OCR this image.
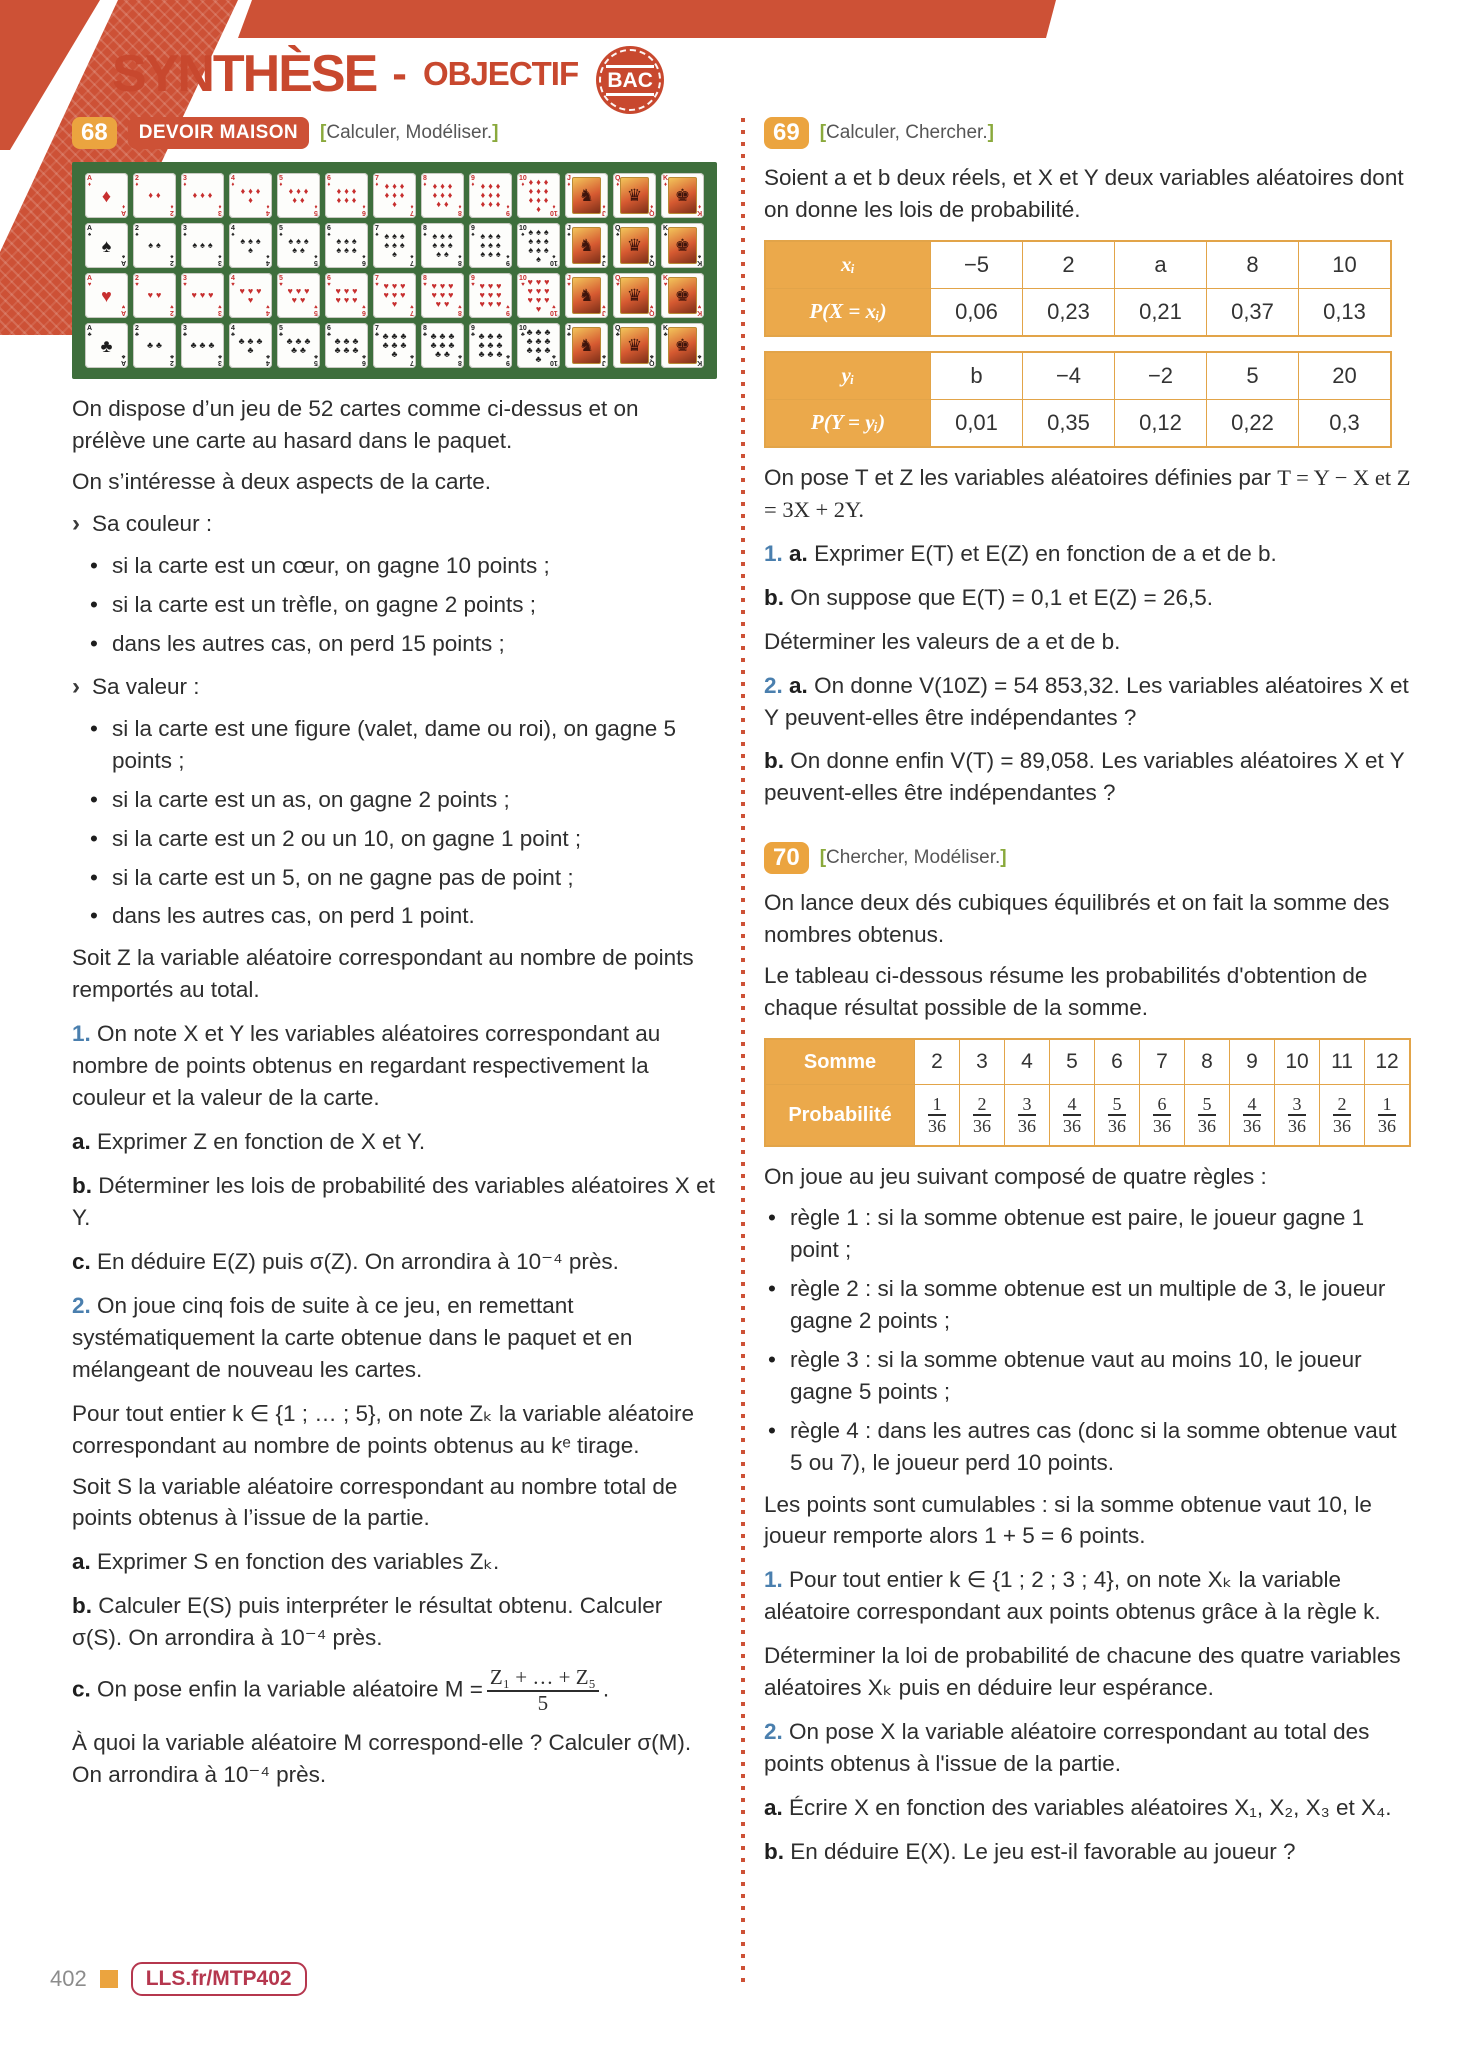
SYNTHÈSE - OBJECTIF BAC
68	DEVOIR MAISON	[Calculer, Modéliser.]
A
♦
A
♦
♦
2
♦
2
♦
♦ ♦
3
♦
3
♦
♦ ♦ ♦
4
♦
4
♦
♦ ♦ ♦
♦
5
♦
5
♦
♦ ♦ ♦
♦ ♦
6
♦
6
♦
♦ ♦ ♦
♦ ♦ ♦
7
♦
7
♦
♦ ♦ ♦
♦ ♦ ♦
♦
8
♦
8
♦
♦ ♦ ♦
♦ ♦ ♦
♦ ♦
9
♦
9
♦
♦ ♦ ♦
♦ ♦ ♦
♦ ♦ ♦
10
♦
10
♦
♦ ♦ ♦
♦ ♦ ♦
♦ ♦ ♦
♦
J
♦
J
♦
♞
Q
♦
Q
♦
♛
K
♦
K
♦
♚
A
♠
A
♠
♠
2
♠
2
♠
♠ ♠
3
♠
3
♠
♠ ♠ ♠
4
♠
4
♠
♠ ♠ ♠
♠
5
♠
5
♠
♠ ♠ ♠
♠ ♠
6
♠
6
♠
♠ ♠ ♠
♠ ♠ ♠
7
♠
7
♠
♠ ♠ ♠
♠ ♠ ♠
♠
8
♠
8
♠
♠ ♠ ♠
♠ ♠ ♠
♠ ♠
9
♠
9
♠
♠ ♠ ♠
♠ ♠ ♠
♠ ♠ ♠
10
♠
10
♠
♠ ♠ ♠
♠ ♠ ♠
♠ ♠ ♠
♠
J
♠
J
♠
♞
Q
♠
Q
♠
♛
K
♠
K
♠
♚
A
♥
A
♥
♥
2
♥
2
♥
♥ ♥
3
♥
3
♥
♥ ♥ ♥
4
♥
4
♥
♥ ♥ ♥
♥
5
♥
5
♥
♥ ♥ ♥
♥ ♥
6
♥
6
♥
♥ ♥ ♥
♥ ♥ ♥
7
♥
7
♥
♥ ♥ ♥
♥ ♥ ♥
♥
8
♥
8
♥
♥ ♥ ♥
♥ ♥ ♥
♥ ♥
9
♥
9
♥
♥ ♥ ♥
♥ ♥ ♥
♥ ♥ ♥
10
♥
10
♥
♥ ♥ ♥
♥ ♥ ♥
♥ ♥ ♥
♥
J
♥
J
♥
♞
Q
♥
Q
♥
♛
K
♥
K
♥
♚
A
♣
A
♣
♣
2
♣
2
♣
♣ ♣
3
♣
3
♣
♣ ♣ ♣
4
♣
4
♣
♣ ♣ ♣
♣
5
♣
5
♣
♣ ♣ ♣
♣ ♣
6
♣
6
♣
♣ ♣ ♣
♣ ♣ ♣
7
♣
7
♣
♣ ♣ ♣
♣ ♣ ♣
♣
8
♣
8
♣
♣ ♣ ♣
♣ ♣ ♣
♣ ♣
9
♣
9
♣
♣ ♣ ♣
♣ ♣ ♣
♣ ♣ ♣
10
♣
10
♣
♣ ♣ ♣
♣ ♣ ♣
♣ ♣ ♣
♣
J
♣
J
♣
♞
Q
♣
Q
♣
♛
K
♣
K
♣
♚

On dispose d’un jeu de 52 cartes comme ci-dessus et on prélève une carte au hasard dans le paquet.

On s’intéresse à deux aspects de la carte.

› Sa couleur :

• si la carte est un cœur, on gagne 10 points ;
• si la carte est un trèfle, on gagne 2 points ;
• dans les autres cas, on perd 15 points ;

› Sa valeur :

• si la carte est une figure (valet, dame ou roi), on gagne 5 points ;
• si la carte est un as, on gagne 2 points ;
• si la carte est un 2 ou un 10, on gagne 1 point ;
• si la carte est un 5, on ne gagne pas de point ;
• dans les autres cas, on perd 1 point.

Soit Z la variable aléatoire correspondant au nombre de points remportés au total.

1. On note X et Y les variables aléatoires correspondant au nombre de points obtenus en regardant respectivement la couleur et la valeur de la carte.

a. Exprimer Z en fonction de X et Y.

b. Déterminer les lois de probabilité des variables aléatoires X et Y.

c. En déduire E(Z) puis σ(Z). On arrondira à 10⁻⁴ près.

2. On joue cinq fois de suite à ce jeu, en remettant systématiquement la carte obtenue dans le paquet et en mélangeant de nouveau les cartes.

Pour tout entier k ∈ {1 ; … ; 5}, on note Zₖ la variable aléatoire correspondant au nombre de points obtenus au kᵉ tirage.

Soit S la variable aléatoire correspondant au nombre total de points obtenus à l’issue de la partie.

a. Exprimer S en fonction des variables Zₖ.

b. Calculer E(S) puis interpréter le résultat obtenu. Calculer σ(S). On arrondira à 10⁻⁴ près.

c. On pose enfin la variable aléatoire $M = \frac{\text{Z₁ + … + Z₅}}{5}$ .

À quoi la variable aléatoire M correspond-elle ? Calculer σ(M). On arrondira à 10⁻⁴ près.

69	[Calculer, Chercher.]

Soient a et b deux réels, et X et Y deux variables aléatoires dont on donne les lois de probabilité.

xᵢ	−5	2	a	8	10
P(X = xᵢ)	0,06	0,23	0,21	0,37	0,13
yᵢ	b	−4	−2	5	20
P(Y = yᵢ)	0,01	0,35	0,12	0,22	0,3

On pose T et Z les variables aléatoires définies par T = Y − X et Z = 3X + 2Y.

1. a. Exprimer E(T) et E(Z) en fonction de a et de b.

b. On suppose que E(T) = 0,1 et E(Z) = 26,5.

Déterminer les valeurs de a et de b.

2. a. On donne V(10Z) = 54 853,32. Les variables aléatoires X et Y peuvent-elles être indépendantes ?

b. On donne enfin V(T) = 89,058. Les variables aléatoires X et Y peuvent-elles être indépendantes ?

70	[Chercher, Modéliser.]

On lance deux dés cubiques équilibrés et on fait la somme des nombres obtenus.

Le tableau ci-dessous résume les probabilités d'obtention de chaque résultat possible de la somme.

Somme	2	3	4	5	6	7	8	9	10	11	12
Probabilité	$\frac{1}{36}$	$\frac{2}{36}$	$\frac{3}{36}$	$\frac{4}{36}$	$\frac{5}{36}$	$\frac{6}{36}$	$\frac{5}{36}$	$\frac{4}{36}$	$\frac{3}{36}$	$\frac{2}{36}$	$\frac{1}{36}$

On joue au jeu suivant composé de quatre règles :

• règle 1 : si la somme obtenue est paire, le joueur gagne 1 point ;
• règle 2 : si la somme obtenue est un multiple de 3, le joueur gagne 2 points ;
• règle 3 : si la somme obtenue vaut au moins 10, le joueur gagne 5 points ;
• règle 4 : dans les autres cas (donc si la somme obtenue vaut 5 ou 7), le joueur perd 10 points.

Les points sont cumulables : si la somme obtenue vaut 10, le joueur remporte alors 1 + 5 = 6 points.

1. Pour tout entier k ∈ {1 ; 2 ; 3 ; 4}, on note Xₖ la variable aléatoire correspondant aux points obtenus grâce à la règle k.

Déterminer la loi de probabilité de chacune des quatre variables aléatoires Xₖ puis en déduire leur espérance.

2. On pose X la variable aléatoire correspondant au total des points obtenus à l'issue de la partie.

a. Écrire X en fonction des variables aléatoires X₁, X₂, X₃ et X₄.

b. En déduire E(X). Le jeu est-il favorable au joueur ?

402	LLS.fr/MTP402
